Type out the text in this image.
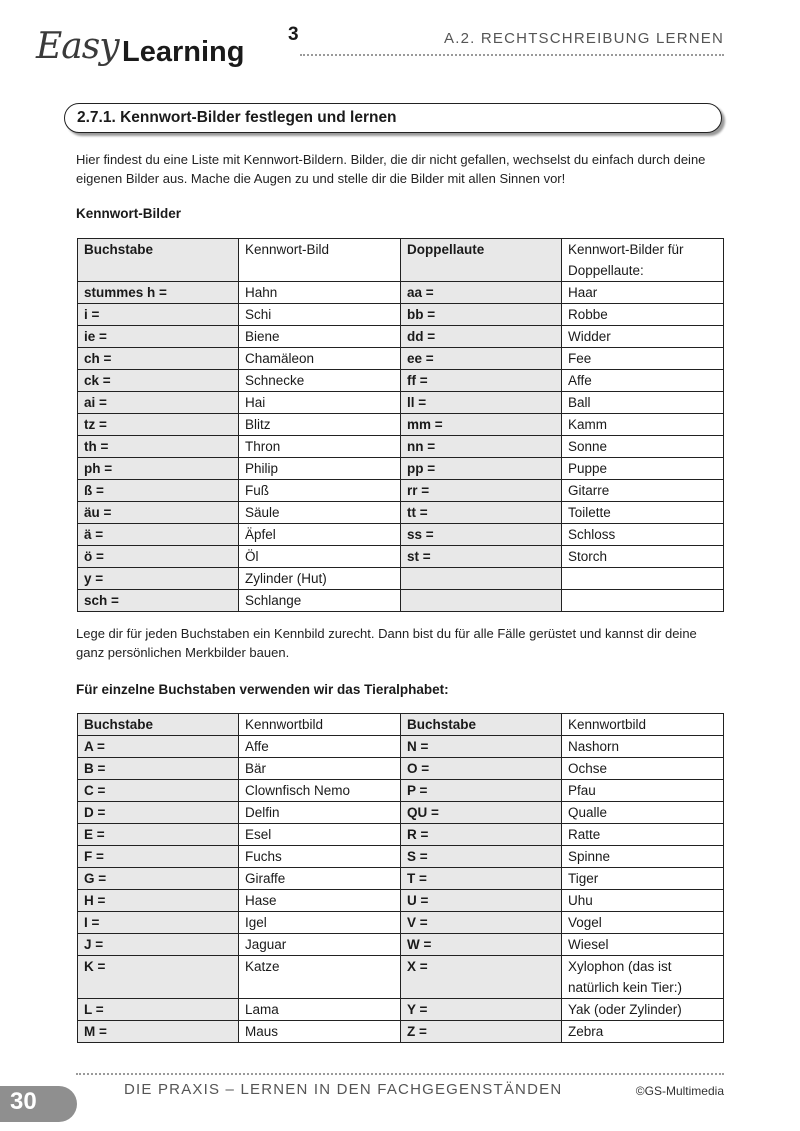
Easy Learning
3	A.2. RECHTSCHREIBUNG LERNEN
2.7.1. Kennwort-Bilder festlegen und lernen

Hier findest du eine Liste mit Kennwort-Bildern. Bilder, die dir nicht gefallen, wechselst du einfach durch deine eigenen Bilder aus. Mache die Augen zu und stelle dir die Bilder mit allen Sinnen vor!

Kennwort-Bilder
Buchstabe	Kennwort-Bild	Doppellaute	Kennwort-Bilder für Doppellaute:
stummes h =	Hahn	aa =	Haar
i =	Schi	bb =	Robbe
ie =	Biene	dd =	Widder
ch =	Chamäleon	ee =	Fee
ck =	Schnecke	ff =	Affe
ai =	Hai	ll =	Ball
tz =	Blitz	mm =	Kamm
th =	Thron	nn =	Sonne
ph =	Philip	pp =	Puppe
ß =	Fuß	rr =	Gitarre
äu =	Säule	tt =	Toilette
ä =	Äpfel	ss =	Schloss
ö =	Öl	st =	Storch
y =	Zylinder (Hut)		
sch =	Schlange		

Lege dir für jeden Buchstaben ein Kennbild zurecht. Dann bist du für alle Fälle gerüstet und kannst dir deine ganz persönlichen Merkbilder bauen.

Für einzelne Buchstaben verwenden wir das Tieralphabet:
Buchstabe	Kennwortbild	Buchstabe	Kennwortbild
A =	Affe	N =	Nashorn
B =	Bär	O =	Ochse
C =	Clownfisch Nemo	P =	Pfau
D =	Delfin	QU =	Qualle
E =	Esel	R =	Ratte
F =	Fuchs	S =	Spinne
G =	Giraffe	T =	Tiger
H =	Hase	U =	Uhu
I =	Igel	V =	Vogel
J =	Jaguar	W =	Wiesel
K =	Katze	X =	Xylophon (das ist natürlich kein Tier:)
L =	Lama	Y =	Yak (oder Zylinder)
M =	Maus	Z =	Zebra
30	DIE PRAXIS – LERNEN IN DEN FACHGEGENSTÄNDEN	©GS-Multimedia
